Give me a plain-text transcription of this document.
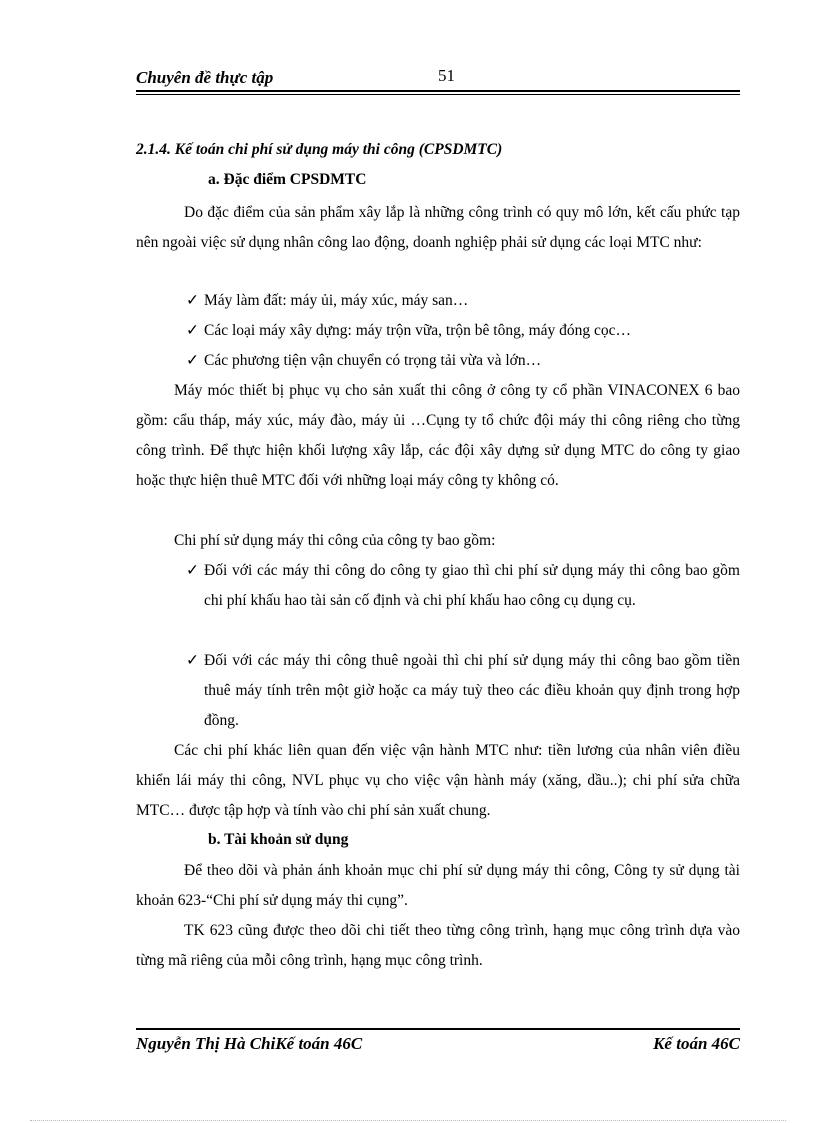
Chuyên đề thực tập	51
2.1.4. Kế toán chi phí sử dụng máy thi công (CPSDMTC)
a. Đặc điểm CPSDMTC

Do đặc điểm của sản phẩm xây lắp là những công trình có quy mô lớn, kết cấu phức tạp nên ngoài việc sử dụng nhân công lao động, doanh nghiệp phải sử dụng các loại MTC như:

✓ Máy làm đất: máy ủi, máy xúc, máy san…

✓ Các loại máy xây dựng: máy trộn vữa, trộn bê tông, máy đóng cọc…

✓ Các phương tiện vận chuyển có trọng tải vừa và lớn…

Máy móc thiết bị phục vụ cho sản xuất thi công ở công ty cổ phần VINACONEX 6 bao gồm: cẩu tháp, máy xúc, máy đào, máy ủi …Cụng ty tổ chức đội máy thi công riêng cho từng công trình. Để thực hiện khối lượng xây lắp, các đội xây dựng sử dụng MTC do công ty giao hoặc thực hiện thuê MTC đối với những loại máy công ty không có.

Chi phí sử dụng máy thi công của công ty bao gồm:

✓ Đối với các máy thi công do công ty giao thì chi phí sử dụng máy thi công bao gồm chi phí khấu hao tài sản cố định và chi phí khấu hao công cụ dụng cụ.
✓ Đối với các máy thi công thuê ngoài thì chi phí sử dụng máy thi công bao gồm tiền thuê máy tính trên một giờ hoặc ca máy tuỳ theo các điều khoản quy định trong hợp đồng.

Các chi phí khác liên quan đến việc vận hành MTC như: tiền lương của nhân viên điều khiển lái máy thi công, NVL phục vụ cho việc vận hành máy (xăng, dầu..); chi phí sửa chữa MTC… được tập hợp và tính vào chi phí sản xuất chung.

b. Tài khoản sử dụng

Để theo dõi và phản ánh khoản mục chi phí sử dụng máy thi công, Công ty sử dụng tài khoản 623-“Chi phí sử dụng máy thi cụng”.

TK 623 cũng được theo dõi chi tiết theo từng công trình, hạng mục công trình dựa vào từng mã riêng của mỗi công trình, hạng mục công trình.

Nguyễn Thị Hà ChiKế toán 46C	Kế toán 46C
